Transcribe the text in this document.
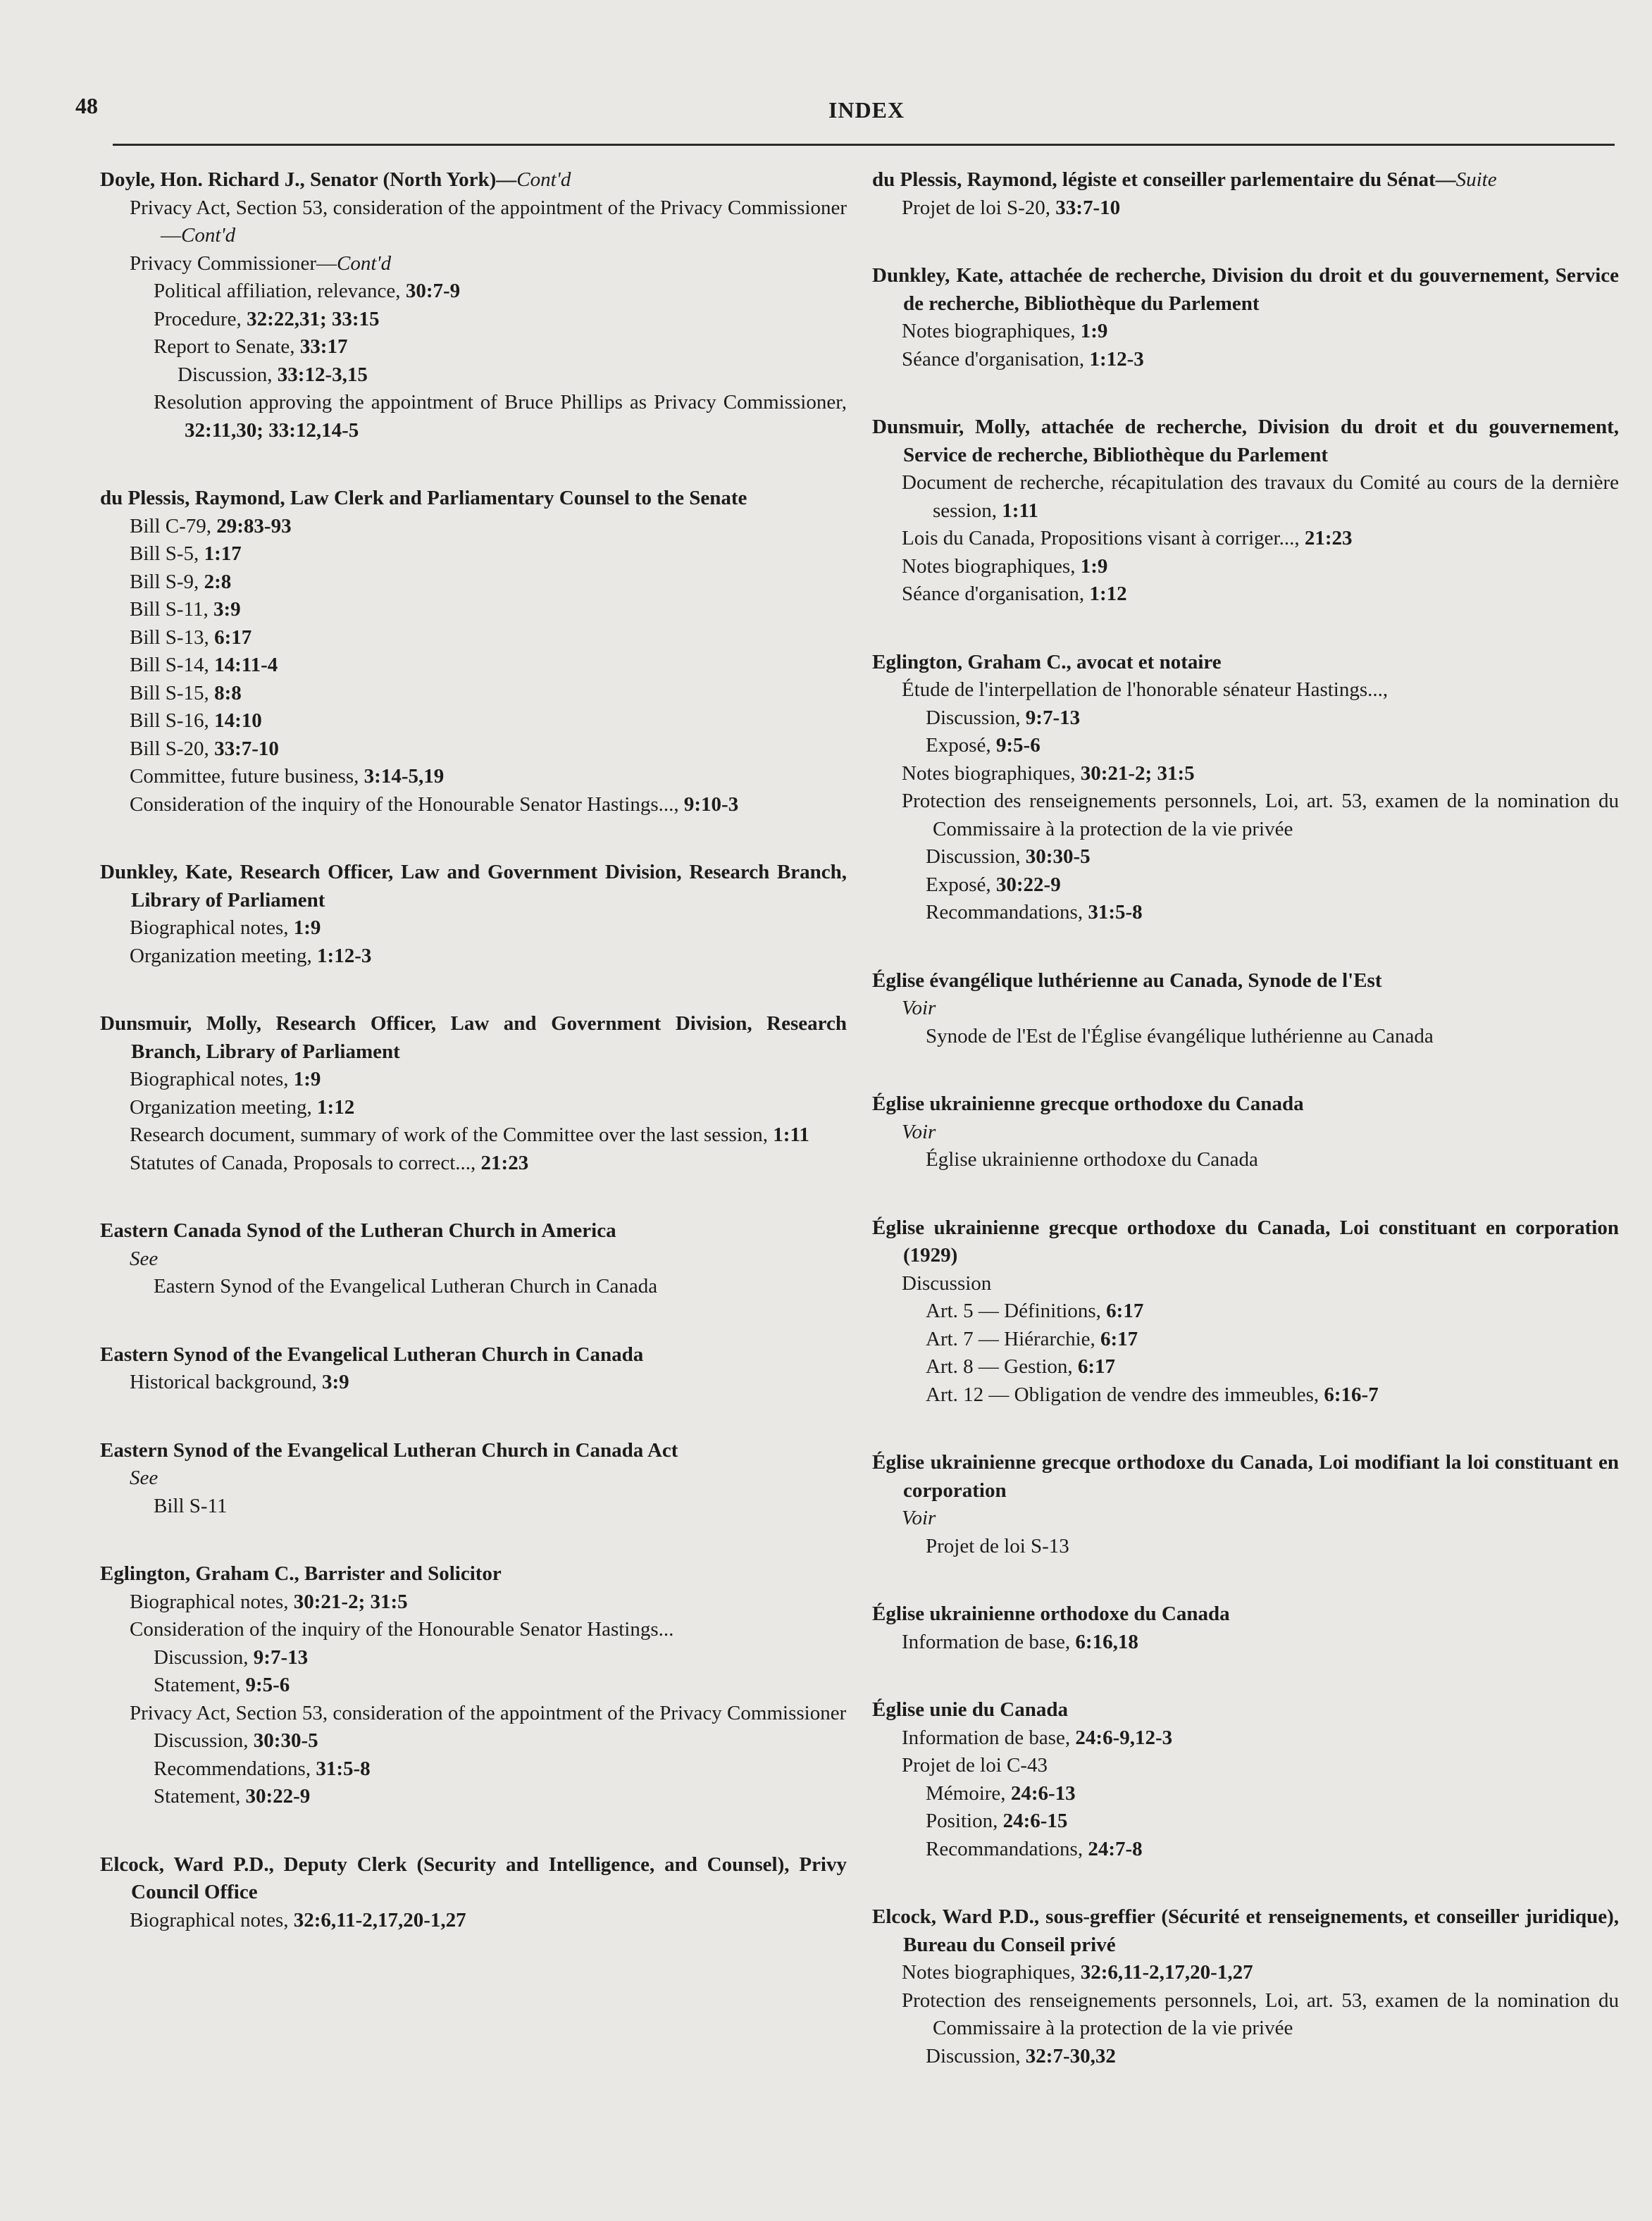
48	INDEX
Doyle, Hon. Richard J., Senator (North York)—Cont'd
Privacy Act, Section 53, consideration of the appointment of the Privacy Commissioner—Cont'd
Privacy Commissioner—Cont'd
Political affiliation, relevance, 30:7-9
Procedure, 32:22,31; 33:15
Report to Senate, 33:17
Discussion, 33:12-3,15
Resolution approving the appointment of Bruce Phillips as Privacy Commissioner, 32:11,30; 33:12,14-5
du Plessis, Raymond, Law Clerk and Parliamentary Counsel to the Senate
Bill C-79, 29:83-93
Bill S-5, 1:17
Bill S-9, 2:8
Bill S-11, 3:9
Bill S-13, 6:17
Bill S-14, 14:11-4
Bill S-15, 8:8
Bill S-16, 14:10
Bill S-20, 33:7-10
Committee, future business, 3:14-5,19
Consideration of the inquiry of the Honourable Senator Hastings..., 9:10-3
Dunkley, Kate, Research Officer, Law and Government Division, Research Branch, Library of Parliament
Biographical notes, 1:9
Organization meeting, 1:12-3
Dunsmuir, Molly, Research Officer, Law and Government Division, Research Branch, Library of Parliament
Biographical notes, 1:9
Organization meeting, 1:12
Research document, summary of work of the Committee over the last session, 1:11
Statutes of Canada, Proposals to correct..., 21:23
Eastern Canada Synod of the Lutheran Church in America
See
Eastern Synod of the Evangelical Lutheran Church in Canada
Eastern Synod of the Evangelical Lutheran Church in Canada
Historical background, 3:9
Eastern Synod of the Evangelical Lutheran Church in Canada Act
See
Bill S-11
Eglington, Graham C., Barrister and Solicitor
Biographical notes, 30:21-2; 31:5
Consideration of the inquiry of the Honourable Senator Hastings...
Discussion, 9:7-13
Statement, 9:5-6
Privacy Act, Section 53, consideration of the appointment of the Privacy Commissioner
Discussion, 30:30-5
Recommendations, 31:5-8
Statement, 30:22-9
Elcock, Ward P.D., Deputy Clerk (Security and Intelligence, and Counsel), Privy Council Office
Biographical notes, 32:6,11-2,17,20-1,27
du Plessis, Raymond, légiste et conseiller parlementaire du Sénat—Suite
Projet de loi S-20, 33:7-10
Dunkley, Kate, attachée de recherche, Division du droit et du gouvernement, Service de recherche, Bibliothèque du Parlement
Notes biographiques, 1:9
Séance d'organisation, 1:12-3
Dunsmuir, Molly, attachée de recherche, Division du droit et du gouvernement, Service de recherche, Bibliothèque du Parlement
Document de recherche, récapitulation des travaux du Comité au cours de la dernière session, 1:11
Lois du Canada, Propositions visant à corriger..., 21:23
Notes biographiques, 1:9
Séance d'organisation, 1:12
Eglington, Graham C., avocat et notaire
Étude de l'interpellation de l'honorable sénateur Hastings...,
Discussion, 9:7-13
Exposé, 9:5-6
Notes biographiques, 30:21-2; 31:5
Protection des renseignements personnels, Loi, art. 53, examen de la nomination du Commissaire à la protection de la vie privée
Discussion, 30:30-5
Exposé, 30:22-9
Recommandations, 31:5-8
Église évangélique luthérienne au Canada, Synode de l'Est
Voir
Synode de l'Est de l'Église évangélique luthérienne au Canada
Église ukrainienne grecque orthodoxe du Canada
Voir
Église ukrainienne orthodoxe du Canada
Église ukrainienne grecque orthodoxe du Canada, Loi constituant en corporation (1929)
Discussion
Art. 5 — Définitions, 6:17
Art. 7 — Hiérarchie, 6:17
Art. 8 — Gestion, 6:17
Art. 12 — Obligation de vendre des immeubles, 6:16-7
Église ukrainienne grecque orthodoxe du Canada, Loi modifiant la loi constituant en corporation
Voir
Projet de loi S-13
Église ukrainienne orthodoxe du Canada
Information de base, 6:16,18
Église unie du Canada
Information de base, 24:6-9,12-3
Projet de loi C-43
Mémoire, 24:6-13
Position, 24:6-15
Recommandations, 24:7-8
Elcock, Ward P.D., sous-greffier (Sécurité et renseignements, et conseiller juridique), Bureau du Conseil privé
Notes biographiques, 32:6,11-2,17,20-1,27
Protection des renseignements personnels, Loi, art. 53, examen de la nomination du Commissaire à la protection de la vie privée
Discussion, 32:7-30,32
